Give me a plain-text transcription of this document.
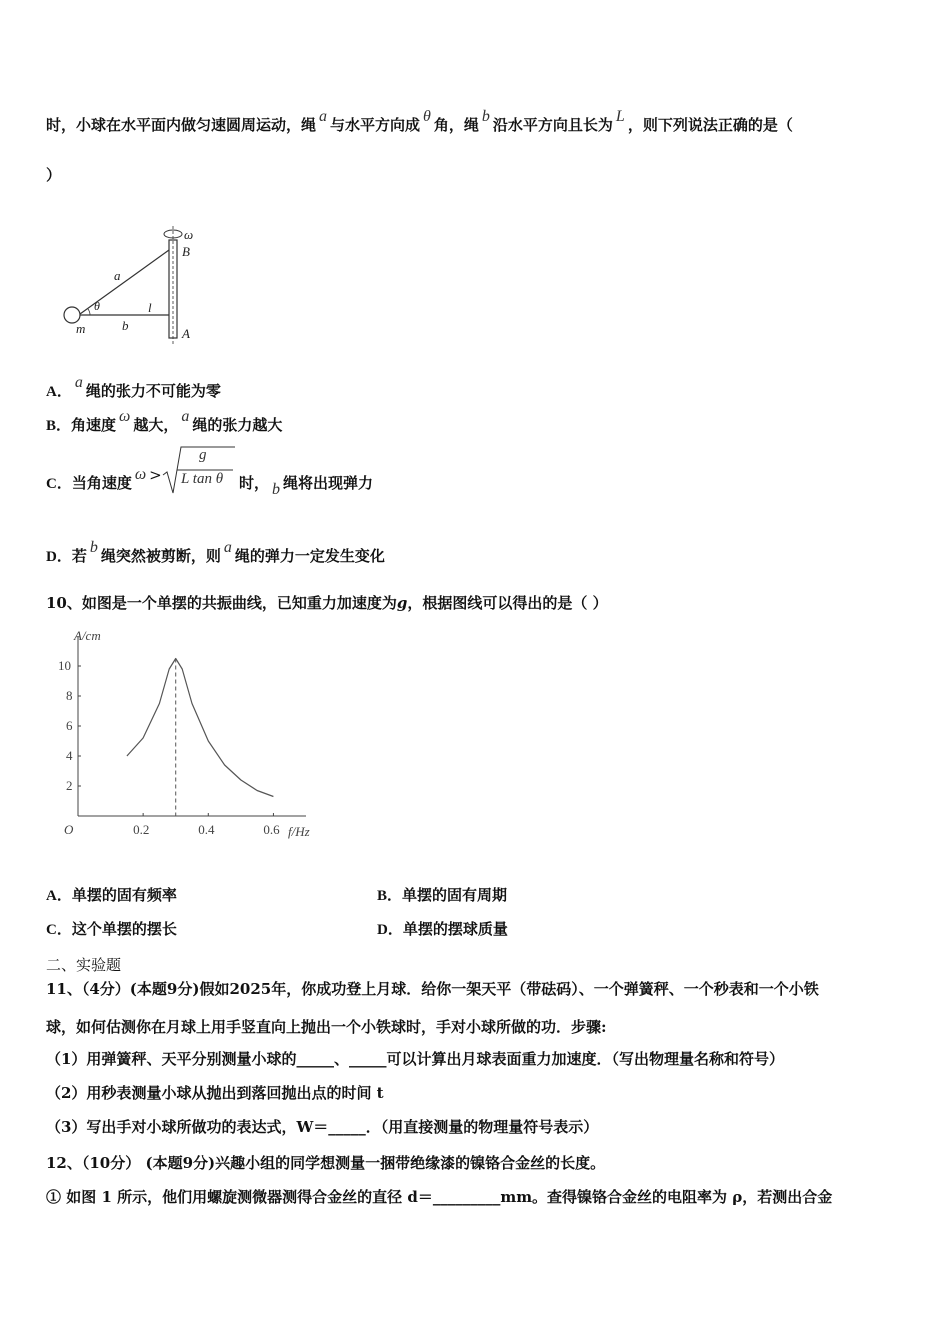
时，小球在水平面内做匀速圆周运动，绳 a 与水平方向成 θ 角，绳 b 沿水平方向且长为 L ，则下列说法正确的是（
）
ω
B
a
θ	l
m	b
A
A．a 绳的张力不可能为零
B．角速度 ω 越大， a 绳的张力越大
C．当角速度 ω >
g
L tan θ 时， b 绳将出现弹力
D．若 b 绳突然被剪断，则 a 绳的弹力一定发生变化
10、如图是一个单摆的共振曲线，已知重力加速度为g，根据图线可以得出的是（ ）
A/cm
f/Hz
O	0.2	0.4	0.6
2
4
6
8
10
A．单摆的固有频率	B．单摆的固有周期
C．这个单摆的摆长	D．单摆的摆球质量
二、实验题
11、（4分）(本题9分)假如2025年，你成功登上月球．给你一架天平（带砝码）、一个弹簧秤、一个秒表和一个小铁
球，如何估测你在月球上用手竖直向上抛出一个小铁球时，手对小球所做的功．步骤:
（1）用弹簧秤、天平分别测量小球的_____、_____可以计算出月球表面重力加速度．（写出物理量名称和符号）
（2）用秒表测量小球从抛出到落回抛出点的时间 t
（3）写出手对小球所做功的表达式，W＝_____．（用直接测量的物理量符号表示）
12、（10分） (本题9分)兴趣小组的同学想测量一捆带绝缘漆的镍铬合金丝的长度。
① 如图 1 所示，他们用螺旋测微器测得合金丝的直径 d＝_________mm。查得镍铬合金丝的电阻率为 ρ，若测出合金
